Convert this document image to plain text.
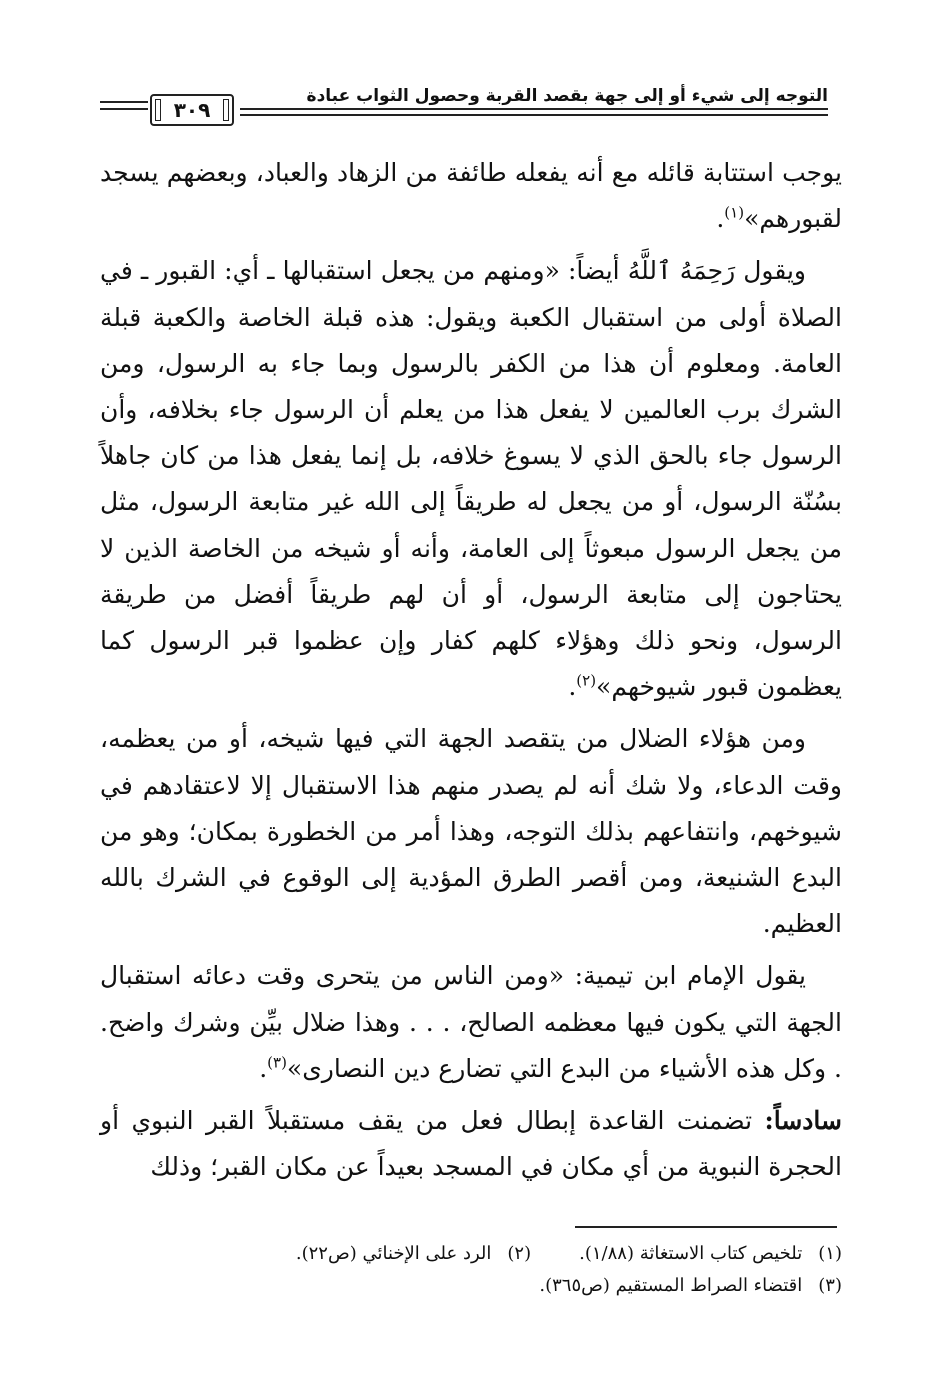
التوجه إلى شيء أو إلى جهة بقصد القربة وحصول الثواب عبادة
٣٠٩

يوجب استتابة قائله مع أنه يفعله طائفة من الزهاد والعباد، وبعضهم يسجد لقبورهم»$^{(١)}$.

ويقول رَحِمَهُ ٱللَّهُ أيضاً: «ومنهم من يجعل استقبالها ـ أي: القبور ـ في الصلاة أولى من استقبال الكعبة ويقول: هذه قبلة الخاصة والكعبة قبلة العامة. ومعلوم أن هذا من الكفر بالرسول وبما جاء به الرسول، ومن الشرك برب العالمين لا يفعل هذا من يعلم أن الرسول جاء بخلافه، وأن الرسول جاء بالحق الذي لا يسوغ خلافه، بل إنما يفعل هذا من كان جاهلاً بسُنّة الرسول، أو من يجعل له طريقاً إلى الله غير متابعة الرسول، مثل من يجعل الرسول مبعوثاً إلى العامة، وأنه أو شيخه من الخاصة الذين لا يحتاجون إلى متابعة الرسول، أو أن لهم طريقاً أفضل من طريقة الرسول، ونحو ذلك وهؤلاء كلهم كفار وإن عظموا قبر الرسول كما يعظمون قبور شيوخهم»$^{(٢)}$.

ومن هؤلاء الضلال من يتقصد الجهة التي فيها شيخه، أو من يعظمه، وقت الدعاء، ولا شك أنه لم يصدر منهم هذا الاستقبال إلا لاعتقادهم في شيوخهم، وانتفاعهم بذلك التوجه، وهذا أمر من الخطورة بمكان؛ وهو من البدع الشنيعة، ومن أقصر الطرق المؤدية إلى الوقوع في الشرك بالله العظيم.

يقول الإمام ابن تيمية: «ومن الناس من يتحرى وقت دعائه استقبال الجهة التي يكون فيها معظمه الصالح، . . . وهذا ضلال بيِّن وشرك واضح. . وكل هذه الأشياء من البدع التي تضارع دين النصارى»$^{(٣)}$.

سادساً: تضمنت القاعدة إبطال فعل من يقف مستقبلاً القبر النبوي أو الحجرة النبوية من أي مكان في المسجد بعيداً عن مكان القبر؛ وذلك

(١)تلخيص كتاب الاستغاثة (١/٨٨).
(٢)الرد على الإخنائي (ص٢٢).
(٣)اقتضاء الصراط المستقيم (ص٣٦٥).
